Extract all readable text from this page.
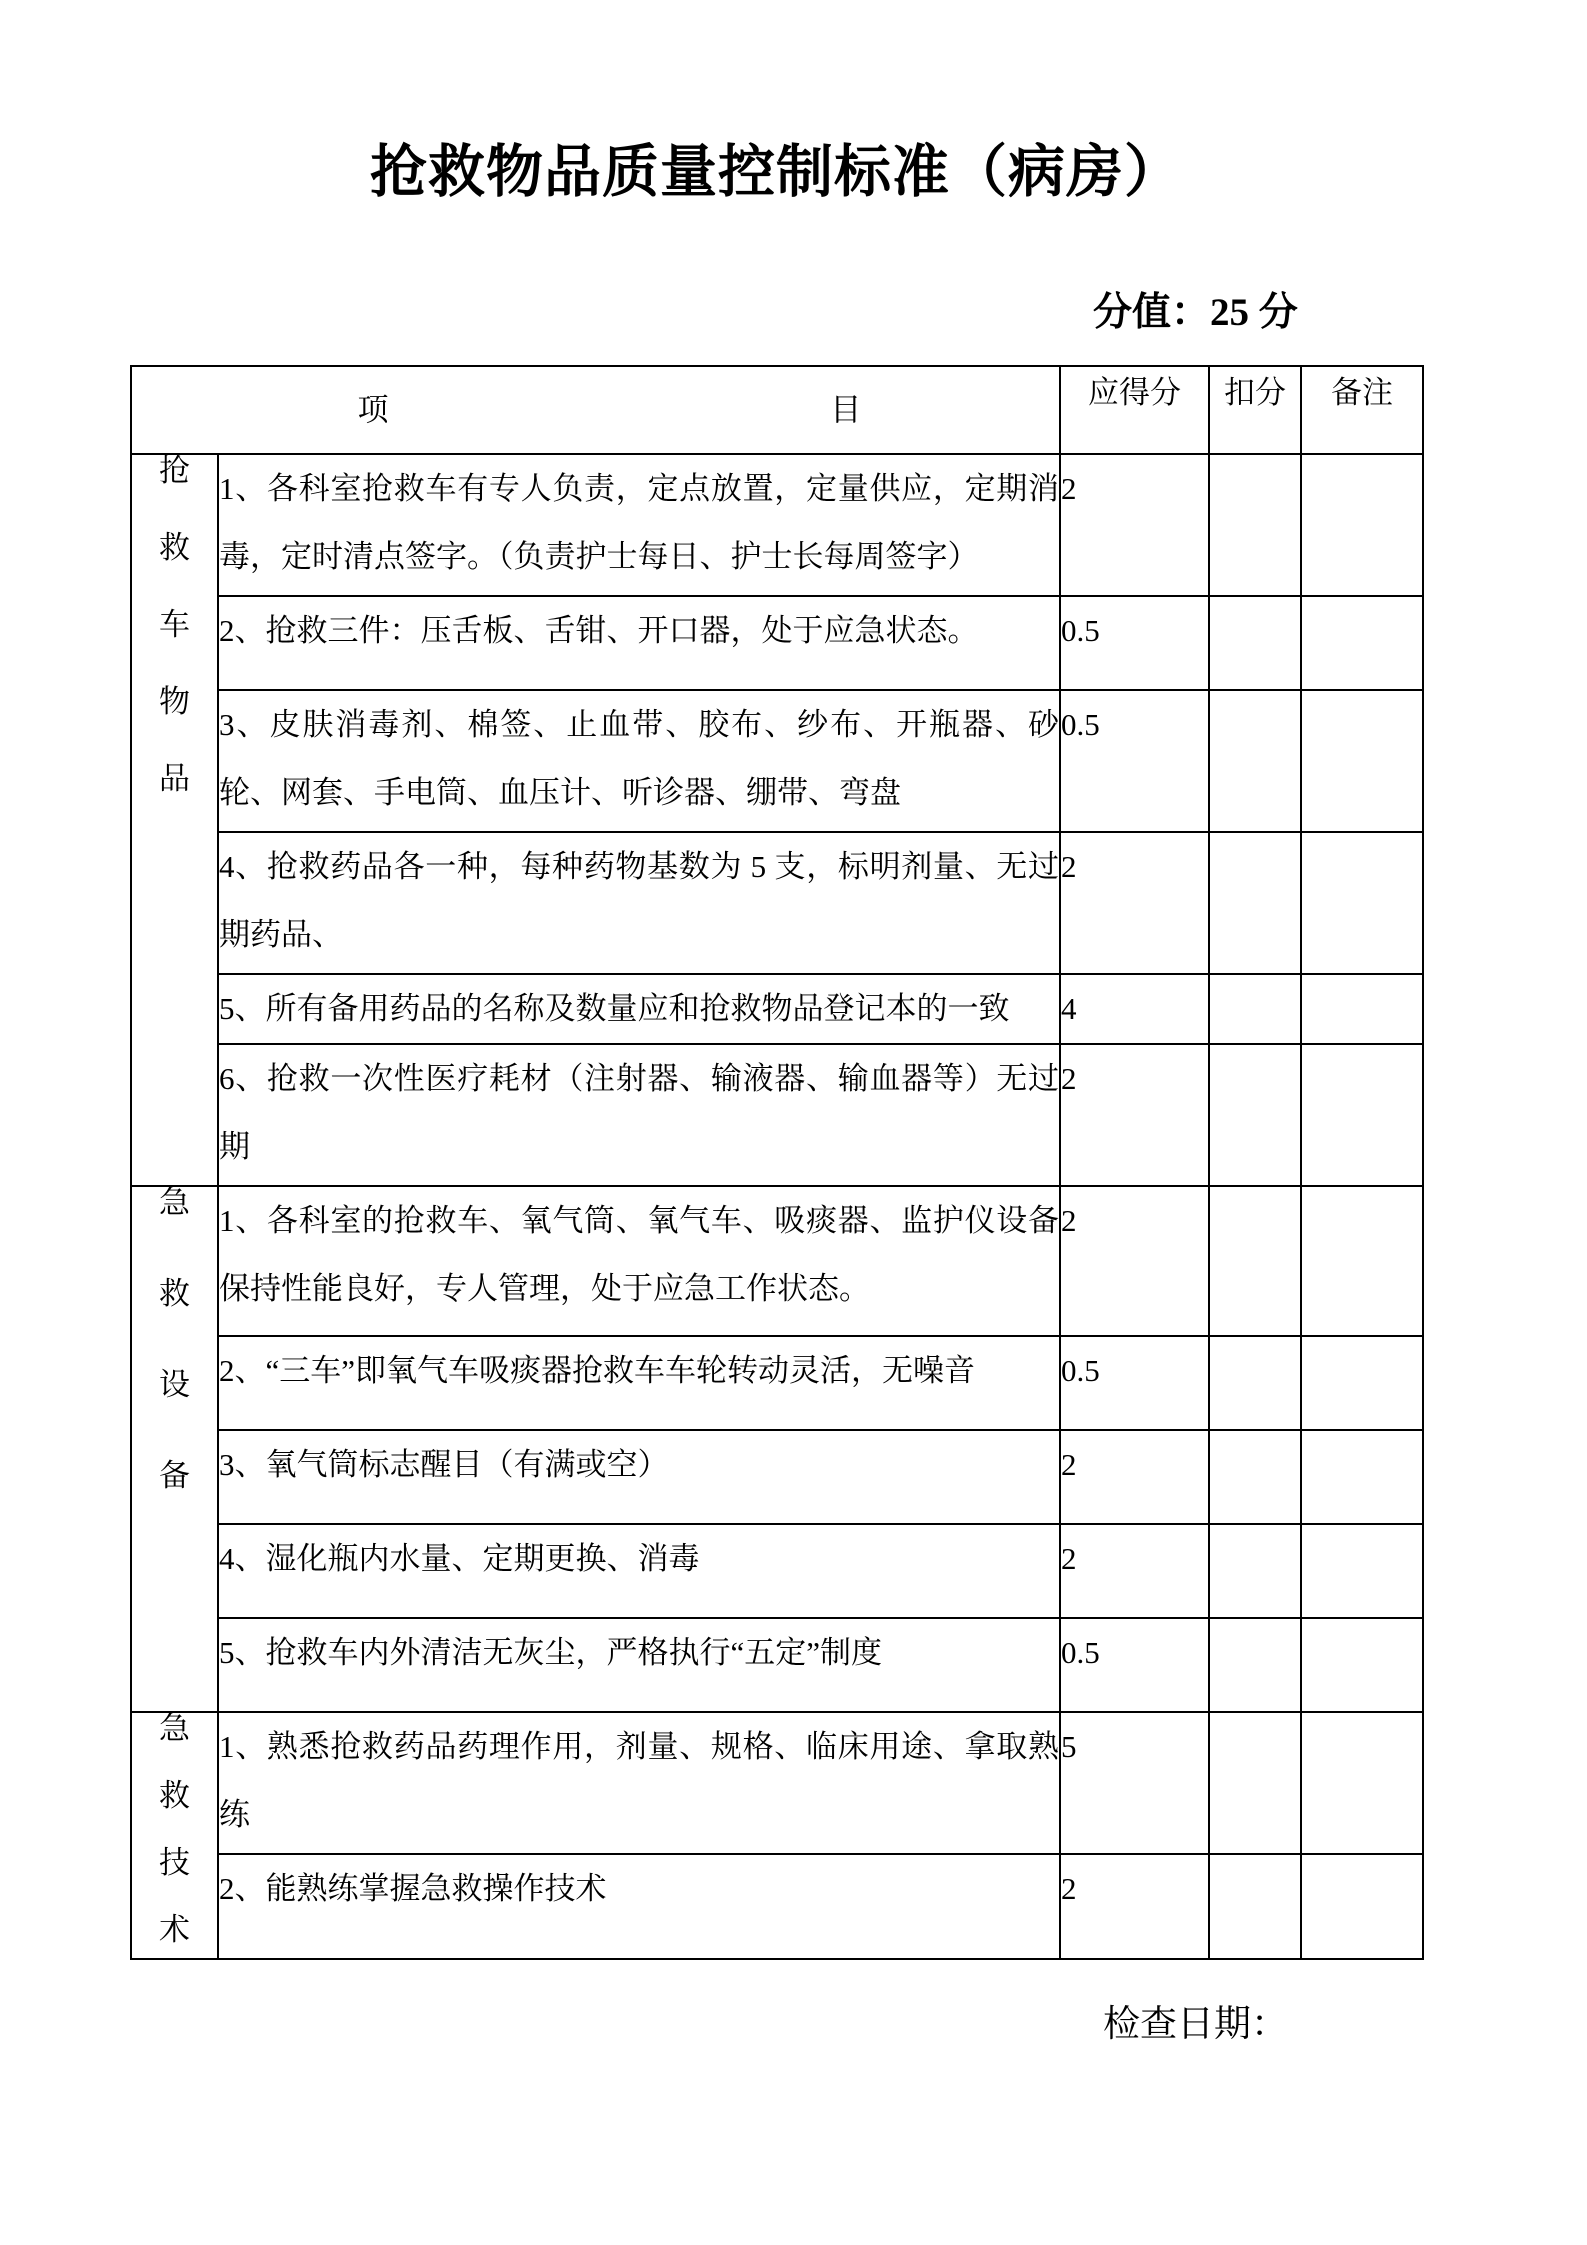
抢救物品质量控制标准（病房）
分值：25 分
项 目		应得分	扣分	备注

抢
救
车
物
品	1、各科室抢救车有专人负责，定点放置，定量供应，定期消毒，定时清点签字。（负责护士每日、护士长每周签字）	2		
	2、抢救三件：压舌板、舌钳、开口器，处于应急状态。	0.5		
	3、皮肤消毒剂、棉签、止血带、胶布、纱布、开瓶器、砂轮、网套、手电筒、血压计、听诊器、绷带、弯盘	0.5		
	4、抢救药品各一种，每种药物基数为 5 支，标明剂量、无过期药品、	2		
	5、所有备用药品的名称及数量应和抢救物品登记本的一致	4		
	6、抢救一次性医疗耗材（注射器、输液器、输血器等）无过期	2		

急
救
设
备	1、各科室的抢救车、氧气筒、氧气车、吸痰器、监护仪设备保持性能良好，专人管理，处于应急工作状态。	2		
	2、“三车”即氧气车吸痰器抢救车车轮转动灵活，无噪音	0.5		
	3、氧气筒标志醒目（有满或空）	2		
	4、湿化瓶内水量、定期更换、消毒	2		
	5、抢救车内外清洁无灰尘，严格执行“五定”制度	0.5		

急
救
技
术	1、熟悉抢救药品药理作用，剂量、规格、临床用途、拿取熟练	5		
	2、能熟练掌握急救操作技术	2		
检查日期：
